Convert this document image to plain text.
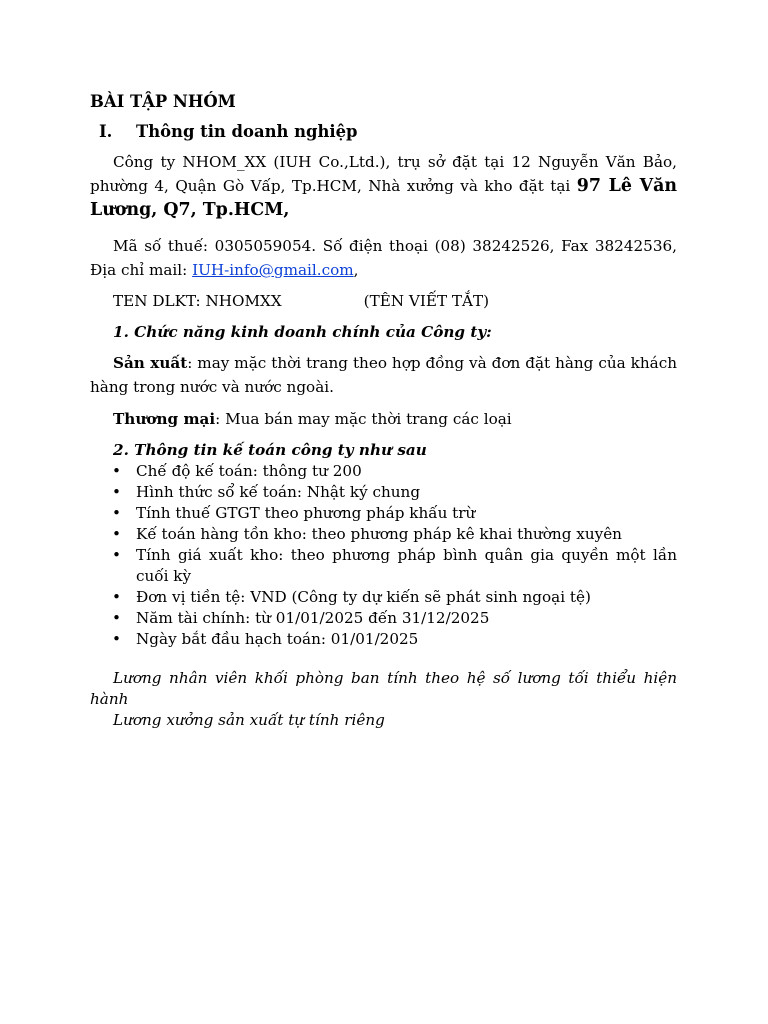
BÀI TẬP NHÓM
I. Thông tin doanh nghiệp

Công ty NHOM_XX (IUH Co.,Ltd.), trụ sở đặt tại 12 Nguyễn Văn Bảo, phường 4, Quận Gò Vấp, Tp.HCM, Nhà xưởng và kho đặt tại 97 Lê Văn Lương, Q7, Tp.HCM,

Mã số thuế: 0305059054. Số điện thoại (08) 38242526, Fax 38242536, Địa chỉ mail: IUH-info@gmail.com,

TEN DLKT: NHOMXX	(TÊN VIẾT TẮT)

1. Chức năng kinh doanh chính của Công ty:

Sản xuất: may mặc thời trang theo hợp đồng và đơn đặt hàng của khách hàng trong nước và nước ngoài.

Thương mại: Mua bán may mặc thời trang các loại

2. Thông tin kế toán công ty như sau

• Chế độ kế toán: thông tư 200
• Hình thức sổ kế toán: Nhật ký chung
• Tính thuế GTGT theo phương pháp khấu trừ
• Kế toán hàng tồn kho: theo phương pháp kê khai thường xuyên
• Tính giá xuất kho: theo phương pháp bình quân gia quyền một lần cuối kỳ
• Đơn vị tiền tệ: VND (Công ty dự kiến sẽ phát sinh ngoại tệ)
• Năm tài chính: từ 01/01/2025 đến 31/12/2025
• Ngày bắt đầu hạch toán: 01/01/2025

Lương nhân viên khối phòng ban tính theo hệ số lương tối thiểu hiện hành

Lương xưởng sản xuất tự tính riêng
